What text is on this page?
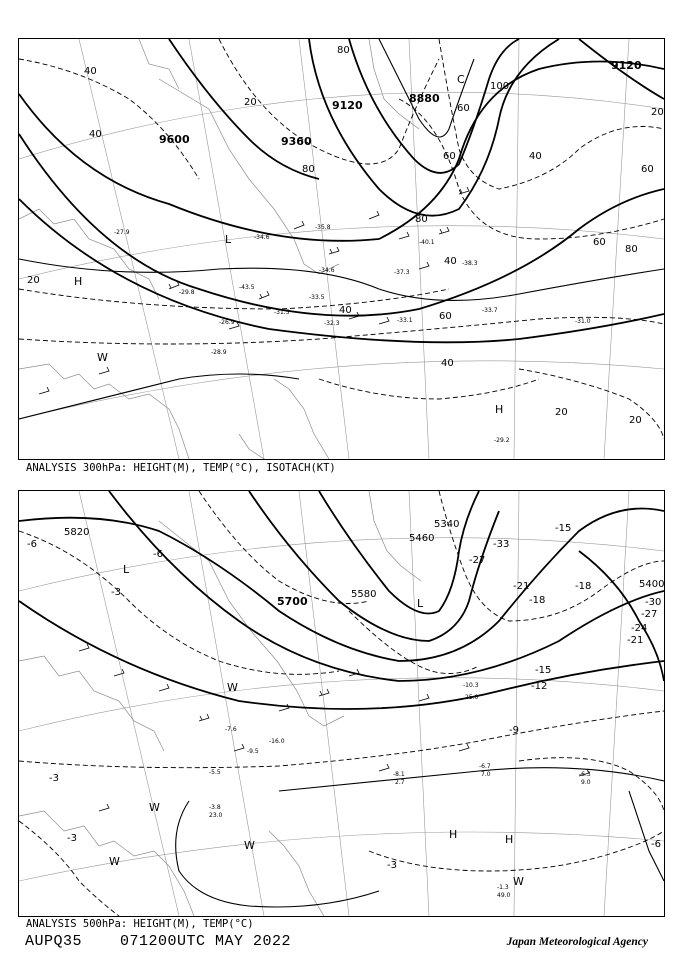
9120
9120
9600	9360
8880
40
40
20
20
80
80
60
100
60
80
40
40
60
40
20
20
20
60
40
80
60
L
H
H
W
C
-29.2
-33.7
-31.0
-33.1
-35.8
-34.6
-37.3
-38.3
-34.6
-33.5
-32.3
-31.5
-28.9
-26.9
-29.8
-27.9
-40.1
-43.5
ANALYSIS 300hPa: HEIGHT(M), TEMP(°C), ISOTACH(KT)
5820
5700
5580
5460
5340
5400
-6
-3
-6
-3
-3
-3
-18
-21
-24
-27
-15
-12
-9
-30
-33
-27
-21
-18
-15
-6
L
L
H	H
W
W
W
W
W
-6.3
9.0
-6.7
7.0
-8.1
2.7
-10.3
25.0
-1.3
49.0
-3.8
23.0
-16.0
-5.5
-7.6
-9.5
ANALYSIS 500hPa: HEIGHT(M), TEMP(°C)
AUPQ35    071200UTC MAY 2022	Japan Meteorological Agency
